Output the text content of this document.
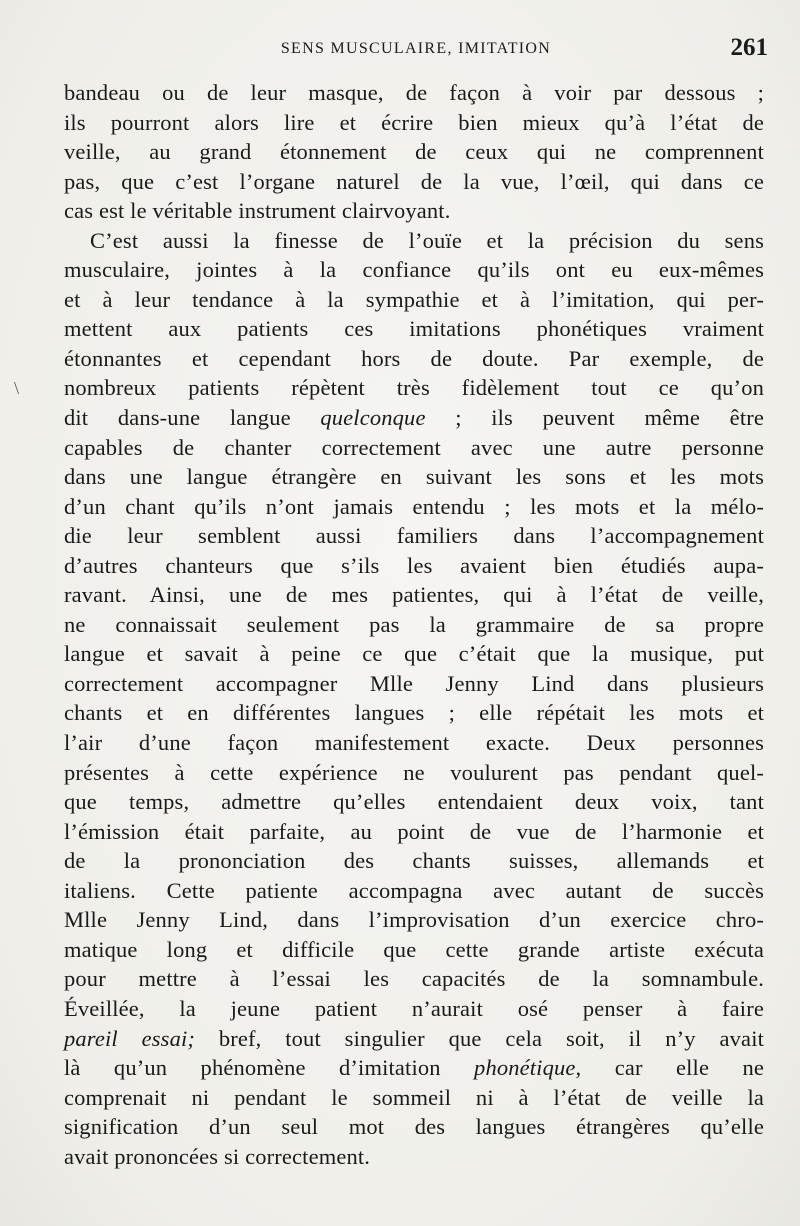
SENS MUSCULAIRE, IMITATION	261
\
bandeau ou de leur masque, de façon à voir par dessous ;
ils pourront alors lire et écrire bien mieux qu’à l’état de
veille, au grand étonnement de ceux qui ne comprennent
pas, que c’est l’organe naturel de la vue, l’œil, qui dans ce
cas est le véritable instrument clairvoyant.
C’est aussi la finesse de l’ouïe et la précision du sens
musculaire, jointes à la confiance qu’ils ont eu eux-mêmes
et à leur tendance à la sympathie et à l’imitation, qui per-
mettent aux patients ces imitations phonétiques vraiment
étonnantes et cependant hors de doute. Par exemple, de
nombreux patients répètent très fidèlement tout ce qu’on
dit dans-une langue quelconque ; ils peuvent même être
capables de chanter correctement avec une autre personne
dans une langue étrangère en suivant les sons et les mots
d’un chant qu’ils n’ont jamais entendu ; les mots et la mélo-
die leur semblent aussi familiers dans l’accompagnement
d’autres chanteurs que s’ils les avaient bien étudiés aupa-
ravant. Ainsi, une de mes patientes, qui à l’état de veille,
ne connaissait seulement pas la grammaire de sa propre
langue et savait à peine ce que c’était que la musique, put
correctement accompagner Mlle Jenny Lind dans plusieurs
chants et en différentes langues ; elle répétait les mots et
l’air d’une façon manifestement exacte. Deux personnes
présentes à cette expérience ne voulurent pas pendant quel-
que temps, admettre qu’elles entendaient deux voix, tant
l’émission était parfaite, au point de vue de l’harmonie et
de la prononciation des chants suisses, allemands et
italiens. Cette patiente accompagna avec autant de succès
Mlle Jenny Lind, dans l’improvisation d’un exercice chro-
matique long et difficile que cette grande artiste exécuta
pour mettre à l’essai les capacités de la somnambule.
Éveillée, la jeune patient n’aurait osé penser à faire
pareil essai; bref, tout singulier que cela soit, il n’y avait
là qu’un phénomène d’imitation phonétique, car elle ne
comprenait ni pendant le sommeil ni à l’état de veille la
signification d’un seul mot des langues étrangères qu’elle
avait prononcées si correctement.
